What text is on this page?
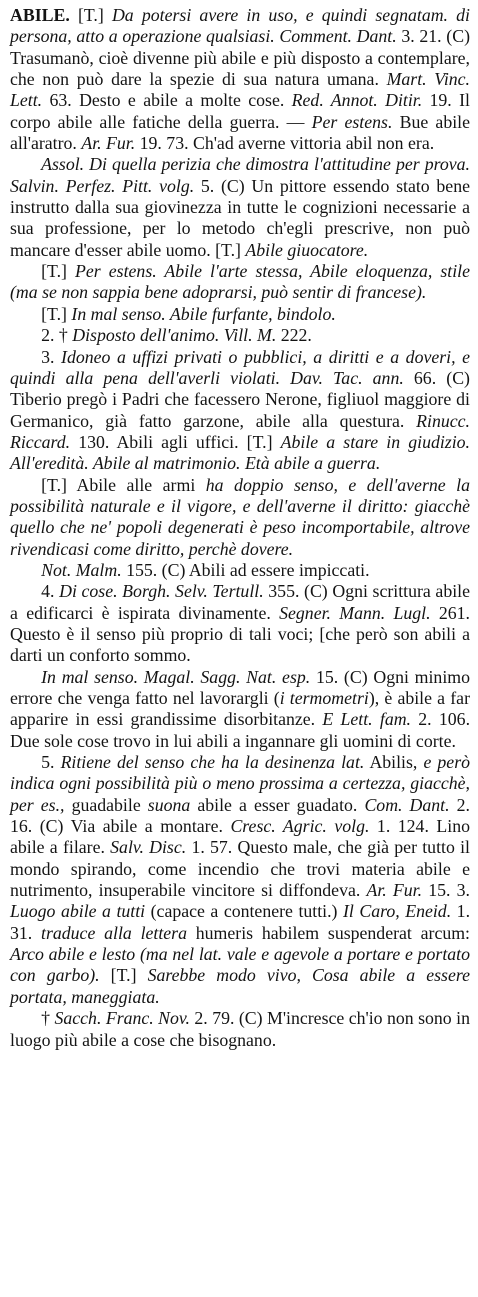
ABILE. [T.] Da potersi avere in uso, e quindi segnatam. di persona, atto a operazione qualsiasi. Comment. Dant. 3. 21. (C) Trasumanò, cioè divenne più abile e più disposto a contemplare, che non può dare la spezie di sua natura umana. Mart. Vinc. Lett. 63. Desto e abile a molte cose. Red. Annot. Ditir. 19. Il corpo abile alle fatiche della guerra. — Per estens. Bue abile all'aratro. Ar. Fur. 19. 73. Ch'ad averne vittoria abil non era.

Assol. Di quella perizia che dimostra l'attitudine per prova. Salvin. Perfez. Pitt. volg. 5. (C) Un pittore essendo stato bene instrutto dalla sua giovinezza in tutte le cognizioni necessarie a sua professione, per lo metodo ch'egli prescrive, non può mancare d'esser abile uomo. [T.] Abile giuocatore.

[T.] Per estens. Abile l'arte stessa, Abile eloquenza, stile (ma se non sappia bene adoprarsi, può sentir di francese).

[T.] In mal senso. Abile furfante, bindolo.

2. † Disposto dell'animo. Vill. M. 222.

3. Idoneo a uffizi privati o pubblici, a diritti e a doveri, e quindi alla pena dell'averli violati. Dav. Tac. ann. 66. (C) Tiberio pregò i Padri che facessero Nerone, figliuol maggiore di Germanico, già fatto garzone, abile alla questura. Rinucc. Riccard. 130. Abili agli uffici. [T.] Abile a stare in giudizio. All'eredità. Abile al matrimonio. Età abile a guerra.

[T.] Abile alle armi ha doppio senso, e dell'averne la possibilità naturale e il vigore, e dell'averne il diritto: giacchè quello che ne' popoli degenerati è peso incomportabile, altrove rivendicasi come diritto, perchè dovere.

Not. Malm. 155. (C) Abili ad essere impiccati.

4. Di cose. Borgh. Selv. Tertull. 355. (C) Ogni scrittura abile a edificarci è ispirata divinamente. Segner. Mann. Lugl. 261. Questo è il senso più proprio di tali voci; [che però son abili a darti un conforto sommo.

In mal senso. Magal. Sagg. Nat. esp. 15. (C) Ogni minimo errore che venga fatto nel lavorargli (i termometri), è abile a far apparire in essi grandissime disorbitanze. E Lett. fam. 2. 106. Due sole cose trovo in lui abili a ingannare gli uomini di corte.

5. Ritiene del senso che ha la desinenza lat. Abilis, e però indica ogni possibilità più o meno prossima a certezza, giacchè, per es., guadabile suona abile a esser guadato. Com. Dant. 2. 16. (C) Via abile a montare. Cresc. Agric. volg. 1. 124. Lino abile a filare. Salv. Disc. 1. 57. Questo male, che già per tutto il mondo spirando, come incendio che trovi materia abile e nutrimento, insuperabile vincitore si diffondeva. Ar. Fur. 15. 3. Luogo abile a tutti (capace a contenere tutti.) Il Caro, Eneid. 1. 31. traduce alla lettera humeris habilem suspenderat arcum: Arco abile e lesto (ma nel lat. vale e agevole a portare e portato con garbo). [T.] Sarebbe modo vivo, Cosa abile a essere portata, maneggiata.

† Sacch. Franc. Nov. 2. 79. (C) M'incresce ch'io non sono in luogo più abile a cose che bisognano.
